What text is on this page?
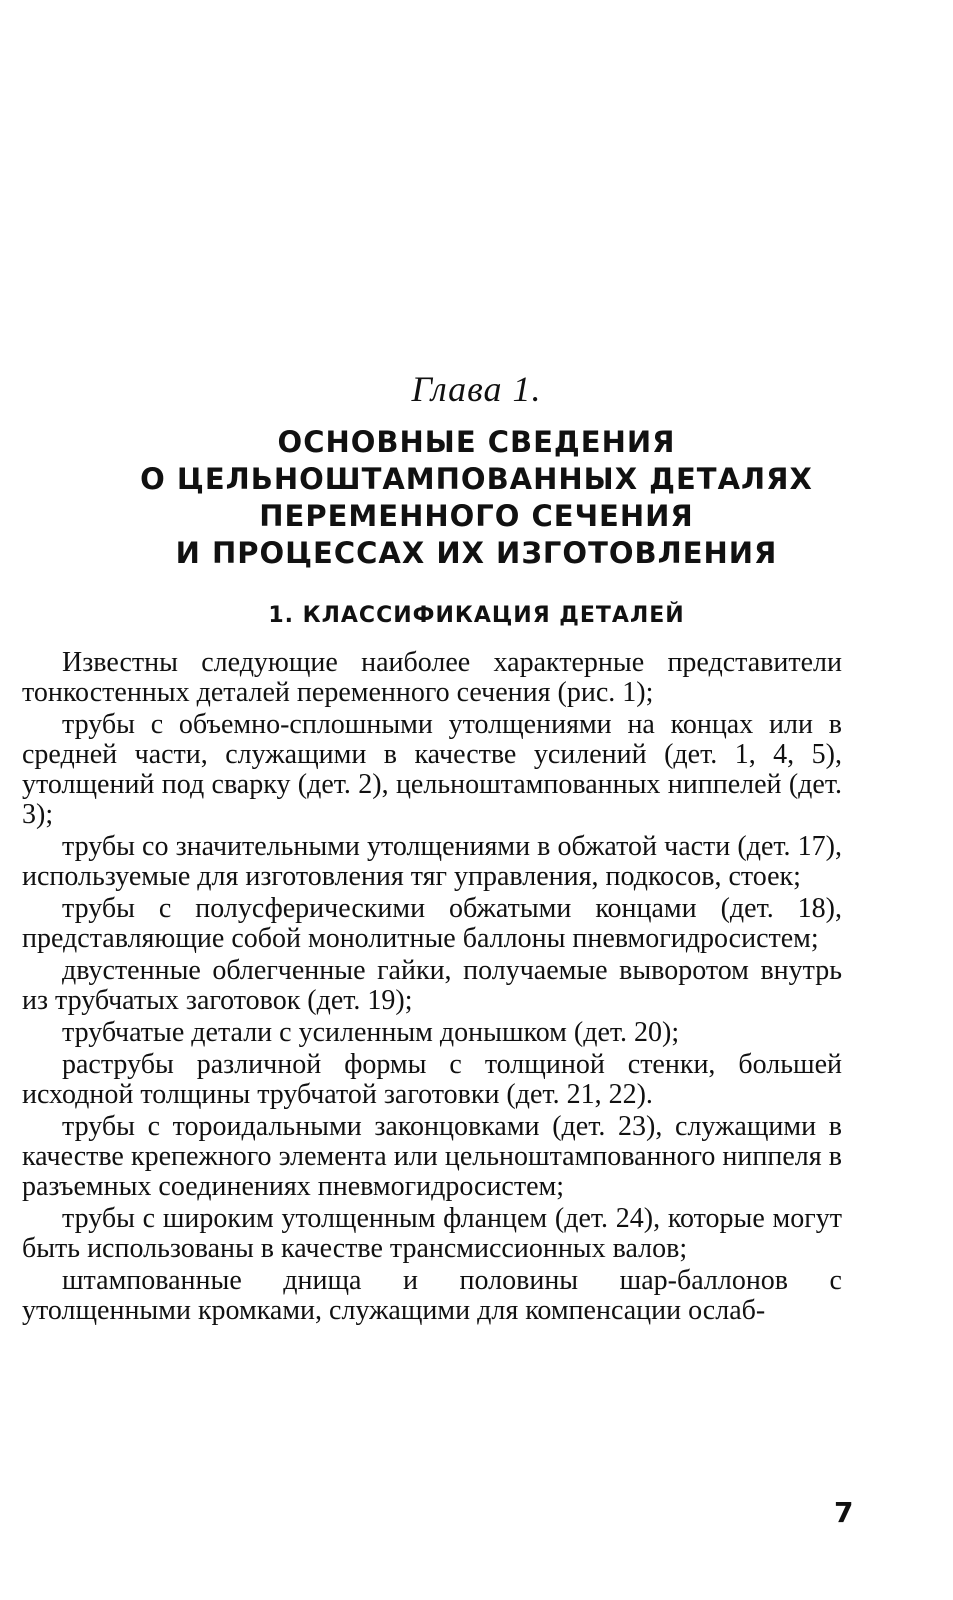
Глава 1.
ОСНОВНЫЕ СВЕДЕНИЯ
О ЦЕЛЬНОШТАМПОВАННЫХ ДЕТАЛЯХ
ПЕРЕМЕННОГО СЕЧЕНИЯ
И ПРОЦЕССАХ ИХ ИЗГОТОВЛЕНИЯ
1. КЛАССИФИКАЦИЯ ДЕТАЛЕЙ

Известны следующие наиболее характерные представители тонкостенных деталей переменного сечения (рис. 1);

трубы с объемно-сплошными утолщениями на концах или в средней части, служащими в качестве усилений (дет. 1, 4, 5), утолщений под сварку (дет. 2), цельноштампованных ниппелей (дет. 3);

трубы со значительными утолщениями в обжатой части (дет. 17), используемые для изготовления тяг управления, подкосов, стоек;

трубы с полусферическими обжатыми концами (дет. 18), представляющие собой монолитные баллоны пневмогидросистем;

двустенные облегченные гайки, получаемые выворотом внутрь из трубчатых заготовок (дет. 19);

трубчатые детали с усиленным донышком (дет. 20);

раструбы различной формы с толщиной стенки, большей исходной толщины трубчатой заготовки (дет. 21, 22).

трубы с тороидальными законцовками (дет. 23), служащими в качестве крепежного элемента или цельноштампованного ниппеля в разъемных соединениях пневмогидросистем;

трубы с широким утолщенным фланцем (дет. 24), которые могут быть использованы в качестве трансмиссионных валов;

штампованные днища и половины шар-баллонов с утолщенными кромками, служащими для компенсации ослаб-

7
